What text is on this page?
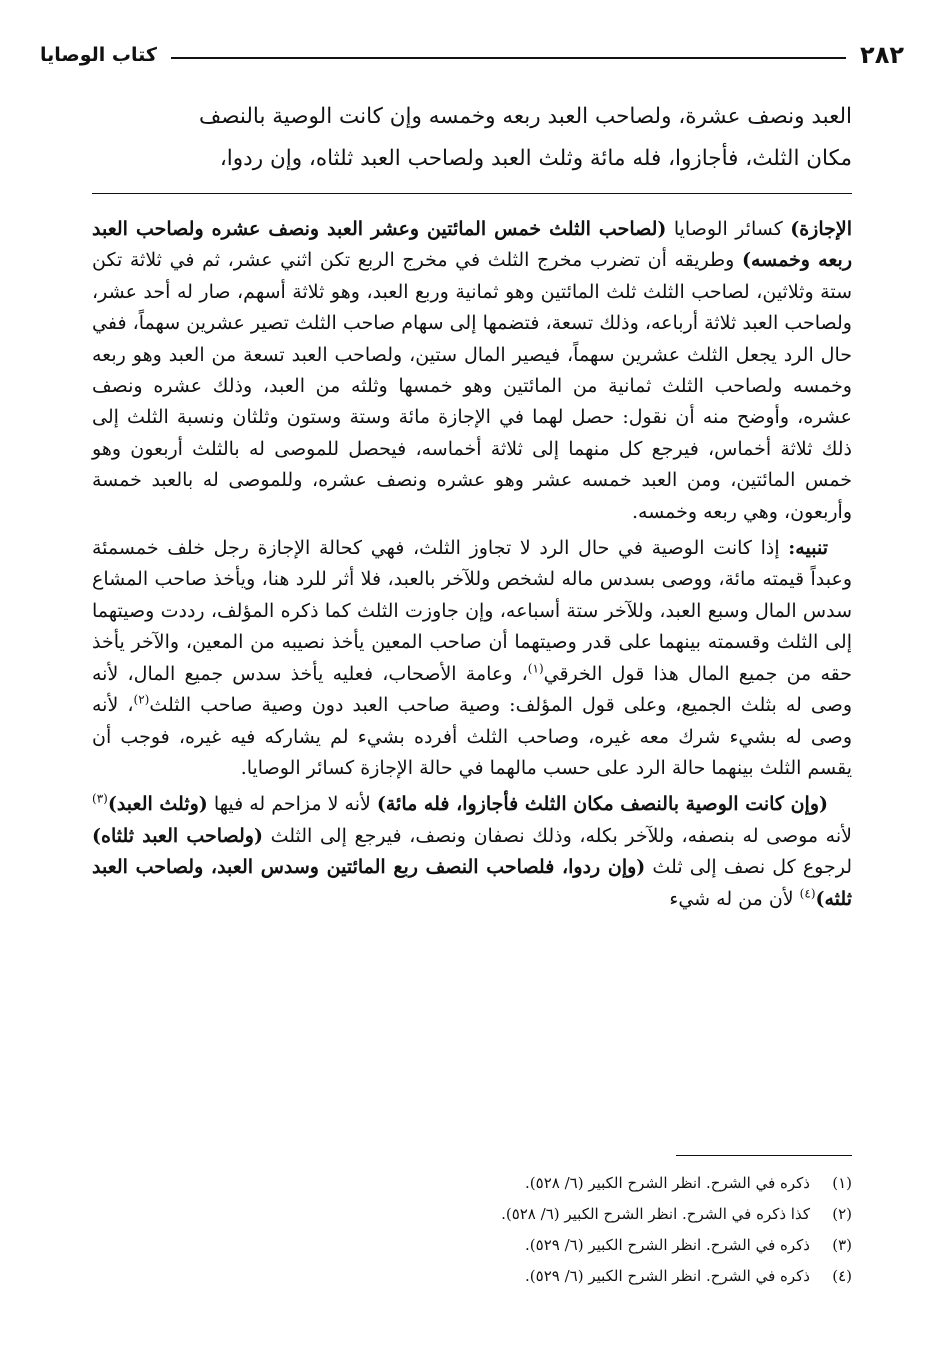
٢٨٢
كتاب الوصايا
العبد ونصف عشرة، ولصاحب العبد ربعه وخمسه وإن كانت الوصية بالنصف
مكان الثلث، فأجازوا، فله مائة وثلث العبد ولصاحب العبد ثلثاه، وإن ردوا،

الإجازة) كسائر الوصايا (لصاحب الثلث خمس المائتين وعشر العبد ونصف عشره ولصاحب العبد ربعه وخمسه) وطريقه أن تضرب مخرج الثلث في مخرج الربع تكن اثني عشر، ثم في ثلاثة تكن ستة وثلاثين، لصاحب الثلث ثلث المائتين وهو ثمانية وربع العبد، وهو ثلاثة أسهم، صار له أحد عشر، ولصاحب العبد ثلاثة أرباعه، وذلك تسعة، فتضمها إلى سهام صاحب الثلث تصير عشرين سهماً، ففي حال الرد يجعل الثلث عشرين سهماً، فيصير المال ستين، ولصاحب العبد تسعة من العبد وهو ربعه وخمسه ولصاحب الثلث ثمانية من المائتين وهو خمسها وثلثه من العبد، وذلك عشره ونصف عشره، وأوضح منه أن نقول: حصل لهما في الإجازة مائة وستة وستون وثلثان ونسبة الثلث إلى ذلك ثلاثة أخماس، فيرجع كل منهما إلى ثلاثة أخماسه، فيحصل للموصى له بالثلث أربعون وهو خمس المائتين، ومن العبد خمسه عشر وهو عشره ونصف عشره، وللموصى له بالعبد خمسة وأربعون، وهي ربعه وخمسه.

تنبيه: إذا كانت الوصية في حال الرد لا تجاوز الثلث، فهي كحالة الإجازة رجل خلف خمسمئة وعبداً قيمته مائة، ووصى بسدس ماله لشخص وللآخر بالعبد، فلا أثر للرد هنا، ويأخذ صاحب المشاع سدس المال وسبع العبد، وللآخر ستة أسباعه، وإن جاوزت الثلث كما ذكره المؤلف، رددت وصيتهما إلى الثلث وقسمته بينهما على قدر وصيتهما أن صاحب المعين يأخذ نصيبه من المعين، والآخر يأخذ حقه من جميع المال هذا قول الخرقي$^{(١)}$، وعامة الأصحاب، فعليه يأخذ سدس جميع المال، لأنه وصى له بثلث الجميع، وعلى قول المؤلف: وصية صاحب العبد دون وصية صاحب الثلث$^{(٢)}$، لأنه وصى له بشيء شرك معه غيره، وصاحب الثلث أفرده بشيء لم يشاركه فيه غيره، فوجب أن يقسم الثلث بينهما حالة الرد على حسب مالهما في حالة الإجازة كسائر الوصايا.

(وإن كانت الوصية بالنصف مكان الثلث فأجازوا، فله مائة) لأنه لا مزاحم له فيها (وثلث العبد)$^{(٣)}$ لأنه موصى له بنصفه، وللآخر بكله، وذلك نصفان ونصف، فيرجع إلى الثلث (ولصاحب العبد ثلثاه) لرجوع كل نصف إلى ثلث (وإن ردوا، فلصاحب النصف ربع المائتين وسدس العبد، ولصاحب العبد ثلثه)$^{(٤)}$ لأن من له شيء

(١)
ذكره في الشرح. انظر الشرح الكبير (٦/ ٥٢٨).
(٢)
كذا ذكره في الشرح. انظر الشرح الكبير (٦/ ٥٢٨).
(٣)
ذكره في الشرح. انظر الشرح الكبير (٦/ ٥٢٩).
(٤)
ذكره في الشرح. انظر الشرح الكبير (٦/ ٥٢٩).
